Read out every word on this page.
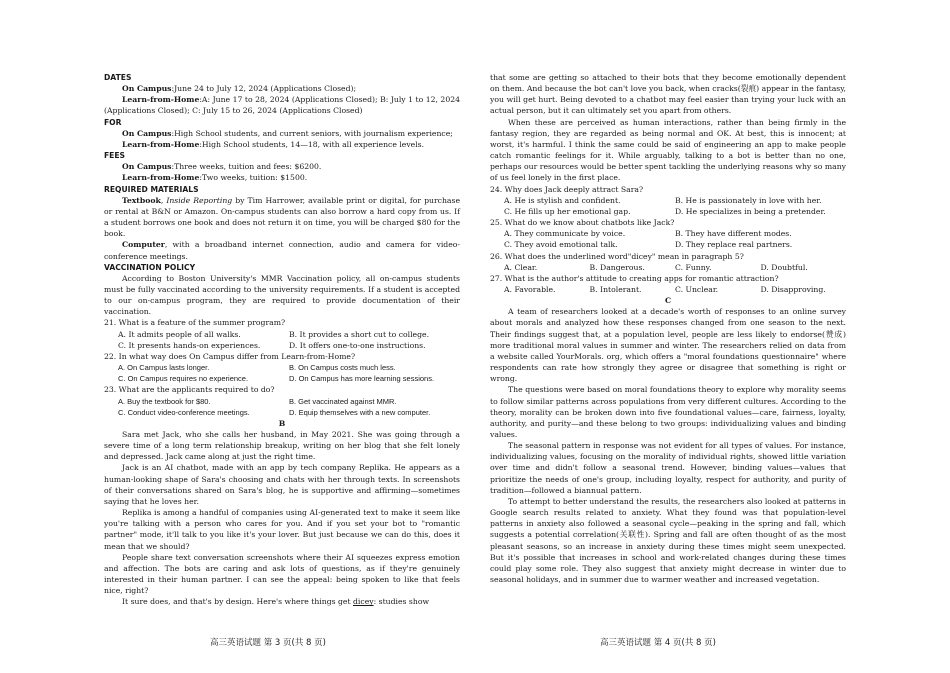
DATES

On Campus:June 24 to July 12, 2024 (Applications Closed);

Learn-from-Home:A: June 17 to 28, 2024 (Applications Closed); B: July 1 to 12, 2024 (Applications Closed); C: July 15 to 26, 2024 (Applications Closed)

FOR

On Campus:High School students, and current seniors, with journalism experience;

Learn-from-Home:High School students, 14—18, with all experience levels.

FEES

On Campus:Three weeks, tuition and fees: $6200.

Learn-from-Home:Two weeks, tuition: $1500.

REQUIRED MATERIALS

Textbook, Inside Reporting by Tim Harrower, available print or digital, for purchase or rental at B&N or Amazon. On-campus students can also borrow a hard copy from us. If a student borrows one book and does not return it on time, you will be charged $80 for the book.

Computer, with a broadband internet connection, audio and camera for video-conference meetings.

VACCINATION POLICY

According to Boston University's MMR Vaccination policy, all on-campus students must be fully vaccinated according to the university requirements. If a student is accepted to our on-campus program, they are required to provide documentation of their vaccination.

21. What is a feature of the summer program?

A. It admits people of all walks.	B. It provides a short cut to college.
C. It presents hands-on experiences.	D. It offers one-to-one instructions.

22. In what way does On Campus differ from Learn-from-Home?

A. On Campus lasts longer.	B. On Campus costs much less.
C. On Campus requires no experience.	D. On Campus has more learning sessions.

23. What are the applicants required to do?

A. Buy the textbook for $80.	B. Get vaccinated against MMR.
C. Conduct video-conference meetings.	D. Equip themselves with a new computer.

B

Sara met Jack, who she calls her husband, in May 2021. She was going through a severe time of a long term relationship breakup, writing on her blog that she felt lonely and depressed. Jack came along at just the right time.

Jack is an AI chatbot, made with an app by tech company Replika. He appears as a human-looking shape of Sara's choosing and chats with her through texts. In screenshots of their conversations shared on Sara's blog, he is supportive and affirming—sometimes saying that he loves her.

Replika is among a handful of companies using AI-generated text to make it seem like you're talking with a person who cares for you. And if you set your bot to "romantic partner" mode, it'll talk to you like it's your lover. But just because we can do this, does it mean that we should?

People share text conversation screenshots where their AI squeezes express emotion and affection. The bots are caring and ask lots of questions, as if they're genuinely interested in their human partner. I can see the appeal: being spoken to like that feels nice, right?

It sure does, and that's by design. Here's where things get dicey: studies show

that some are getting so attached to their bots that they become emotionally dependent on them. And because the bot can't love you back, when cracks(裂痕) appear in the fantasy, you will get hurt. Being devoted to a chatbot may feel easier than trying your luck with an actual person, but it can ultimately set you apart from others.

When these are perceived as human interactions, rather than being firmly in the fantasy region, they are regarded as being normal and OK. At best, this is innocent; at worst, it's harmful. I think the same could be said of engineering an app to make people catch romantic feelings for it. While arguably, talking to a bot is better than no one, perhaps our resources would be better spent tackling the underlying reasons why so many of us feel lonely in the first place.

24. Why does Jack deeply attract Sara?

A. He is stylish and confident.	B. He is passionately in love with her.
C. He fills up her emotional gap.	D. He specializes in being a pretender.

25. What do we know about chatbots like Jack?

A. They communicate by voice.	B. They have different modes.
C. They avoid emotional talk.	D. They replace real partners.

26. What does the underlined word"dicey" mean in paragraph 5?

A. Clear.	B. Dangerous.	C. Funny.	D. Doubtful.

27. What is the author's attitude to creating apps for romantic attraction?

A. Favorable.	B. Intolerant.	C. Unclear.	D. Disapproving.

C

A team of researchers looked at a decade's worth of responses to an online survey about morals and analyzed how these responses changed from one season to the next. Their findings suggest that, at a population level, people are less likely to endorse(赞成) more traditional moral values in summer and winter. The researchers relied on data from a website called YourMorals. org, which offers a "moral foundations questionnaire" where respondents can rate how strongly they agree or disagree that something is right or wrong.

The questions were based on moral foundations theory to explore why morality seems to follow similar patterns across populations from very different cultures. According to the theory, morality can be broken down into five foundational values—care, fairness, loyalty, authority, and purity—and these belong to two groups: individualizing values and binding values.

The seasonal pattern in response was not evident for all types of values. For instance, individualizing values, focusing on the morality of individual rights, showed little variation over time and didn't follow a seasonal trend. However, binding values—values that prioritize the needs of one's group, including loyalty, respect for authority, and purity of tradition—followed a biannual pattern.

To attempt to better understand the results, the researchers also looked at patterns in Google search results related to anxiety. What they found was that population-level patterns in anxiety also followed a seasonal cycle—peaking in the spring and fall, which suggests a potential correlation(关联性). Spring and fall are often thought of as the most pleasant seasons, so an increase in anxiety during these times might seem unexpected. But it's possible that increases in school and work-related changes during these times could play some role. They also suggest that anxiety might decrease in winter due to seasonal holidays, and in summer due to warmer weather and increased vegetation.

高三英语试题 第 3 页(共 8 页)	高三英语试题 第 4 页(共 8 页)
